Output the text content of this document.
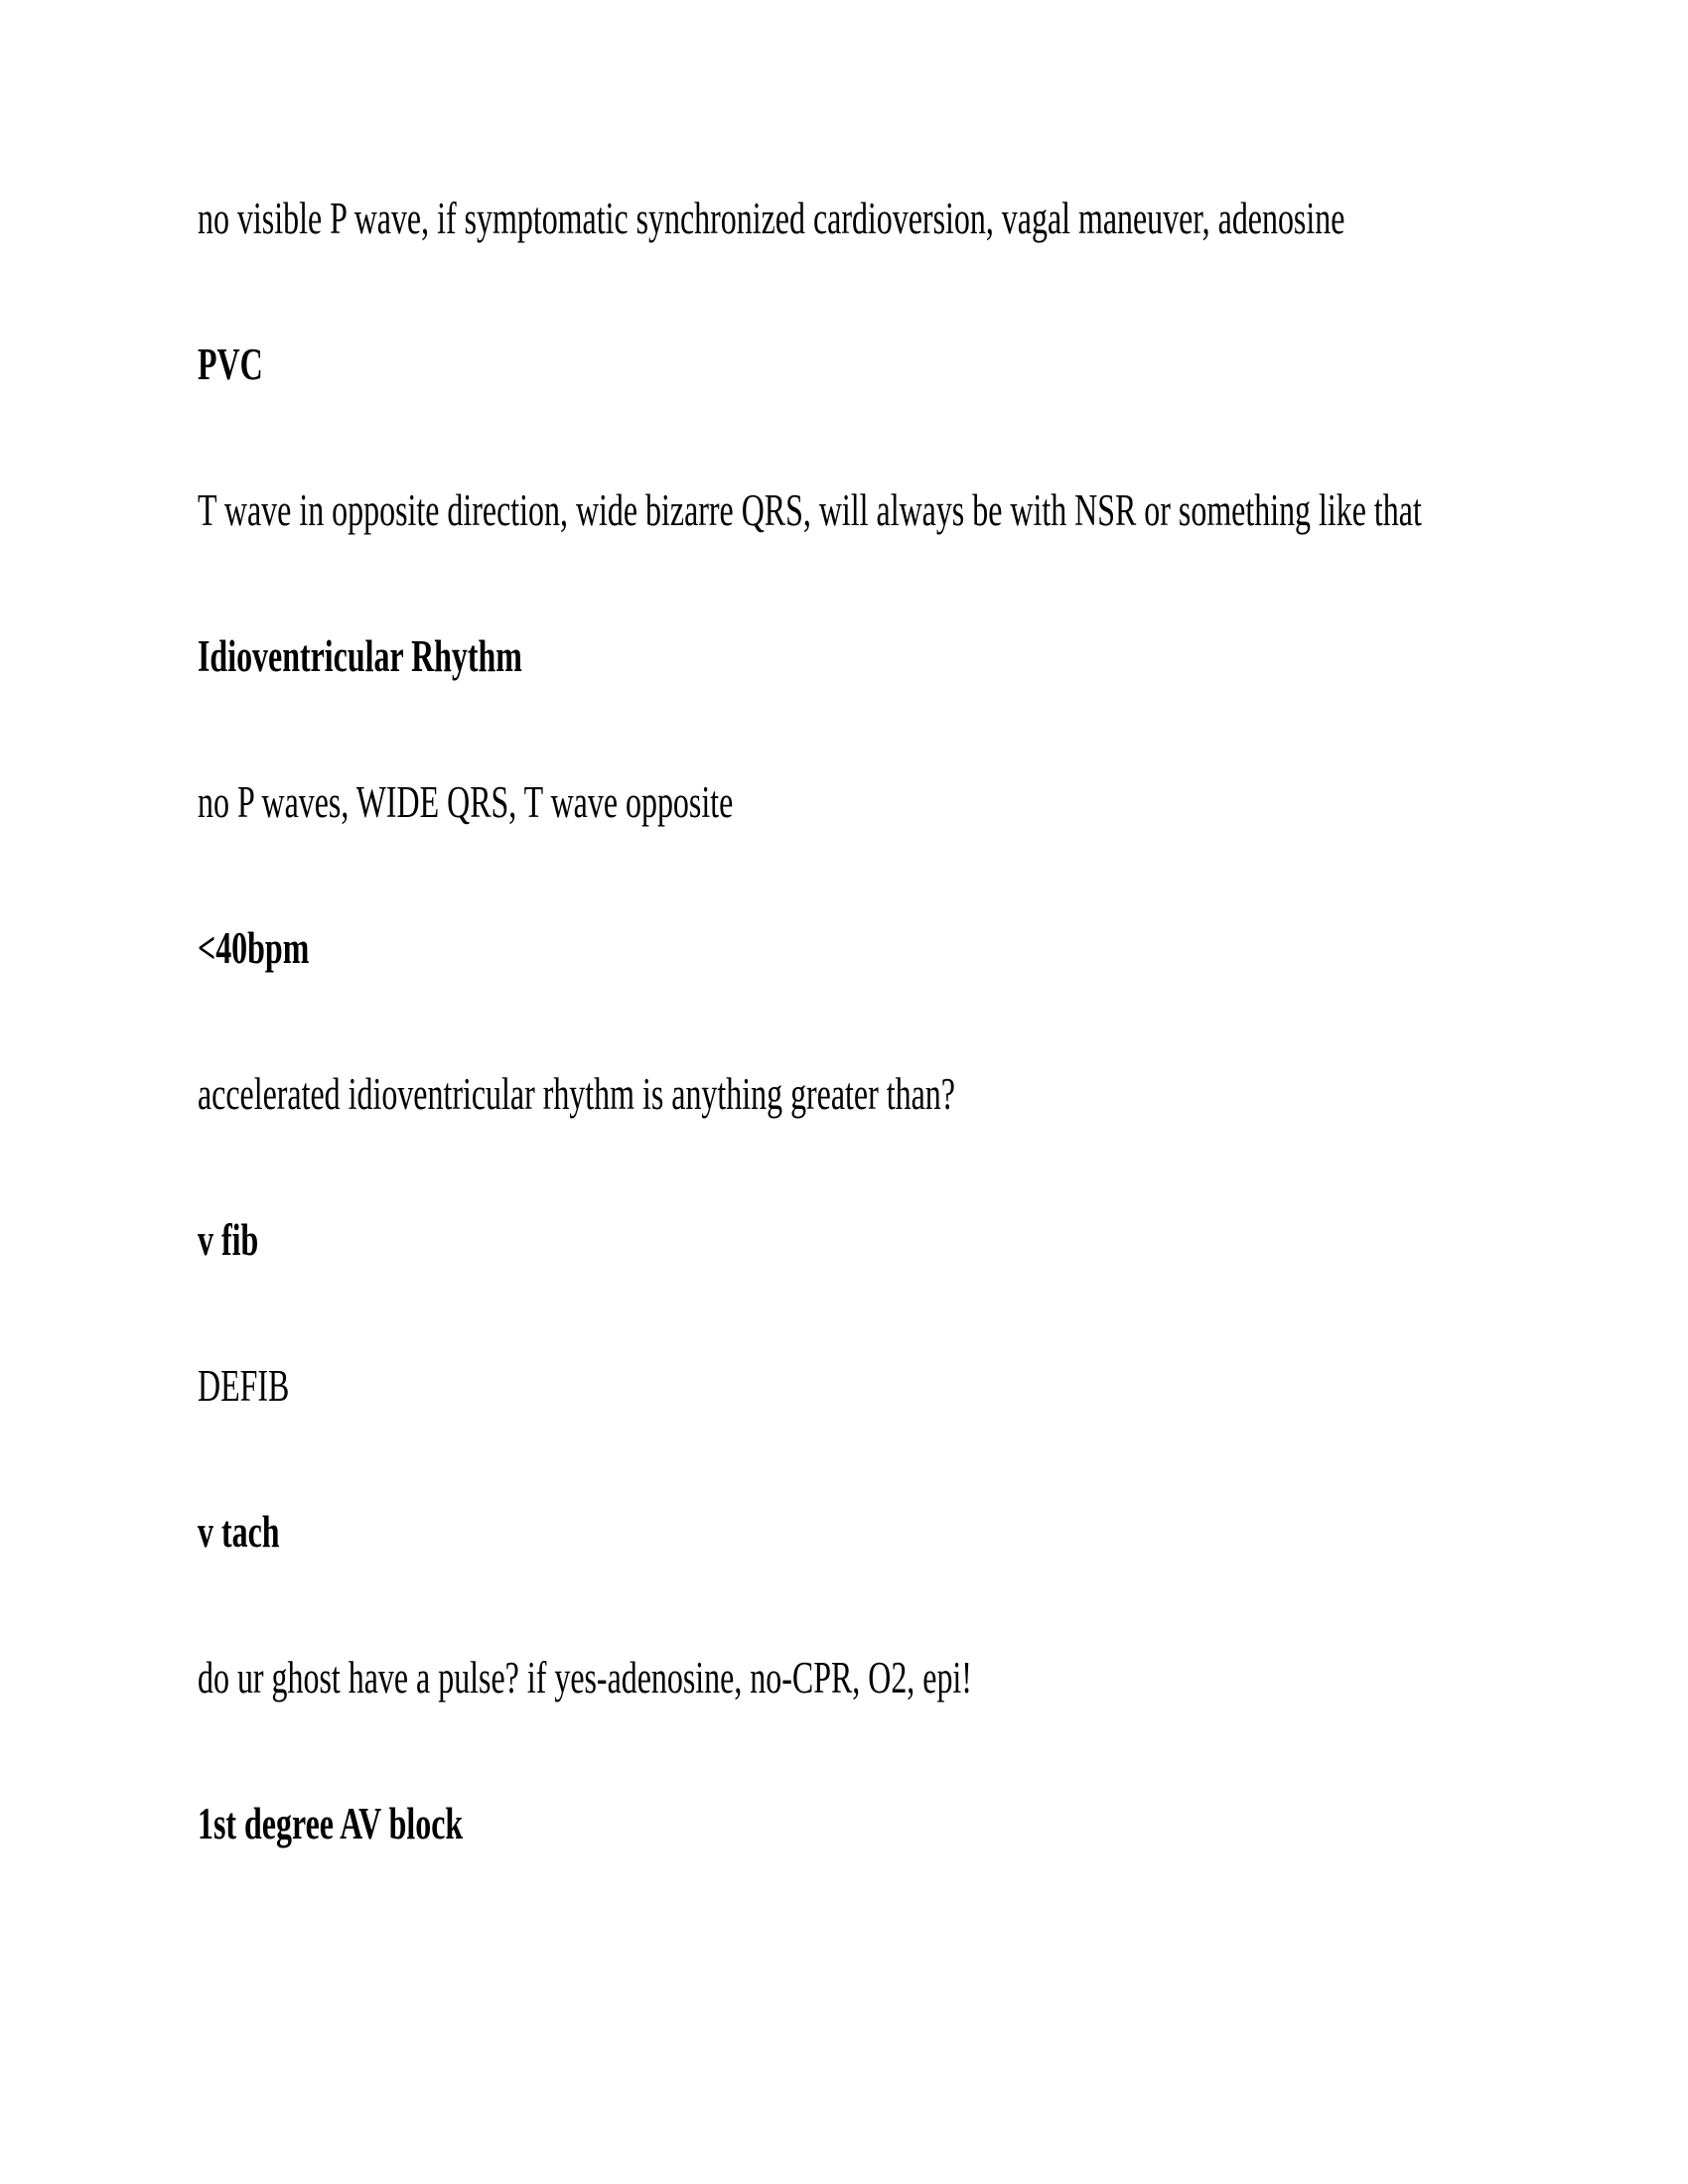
no visible P wave, if symptomatic synchronized cardioversion, vagal maneuver, adenosine
PVC
T wave in opposite direction, wide bizarre QRS, will always be with NSR or something like that
Idioventricular Rhythm
no P waves, WIDE QRS, T wave opposite
<40bpm
accelerated idioventricular rhythm is anything greater than?
v fib
DEFIB
v tach
do ur ghost have a pulse? if yes-adenosine, no-CPR, O2, epi!
1st degree AV block
